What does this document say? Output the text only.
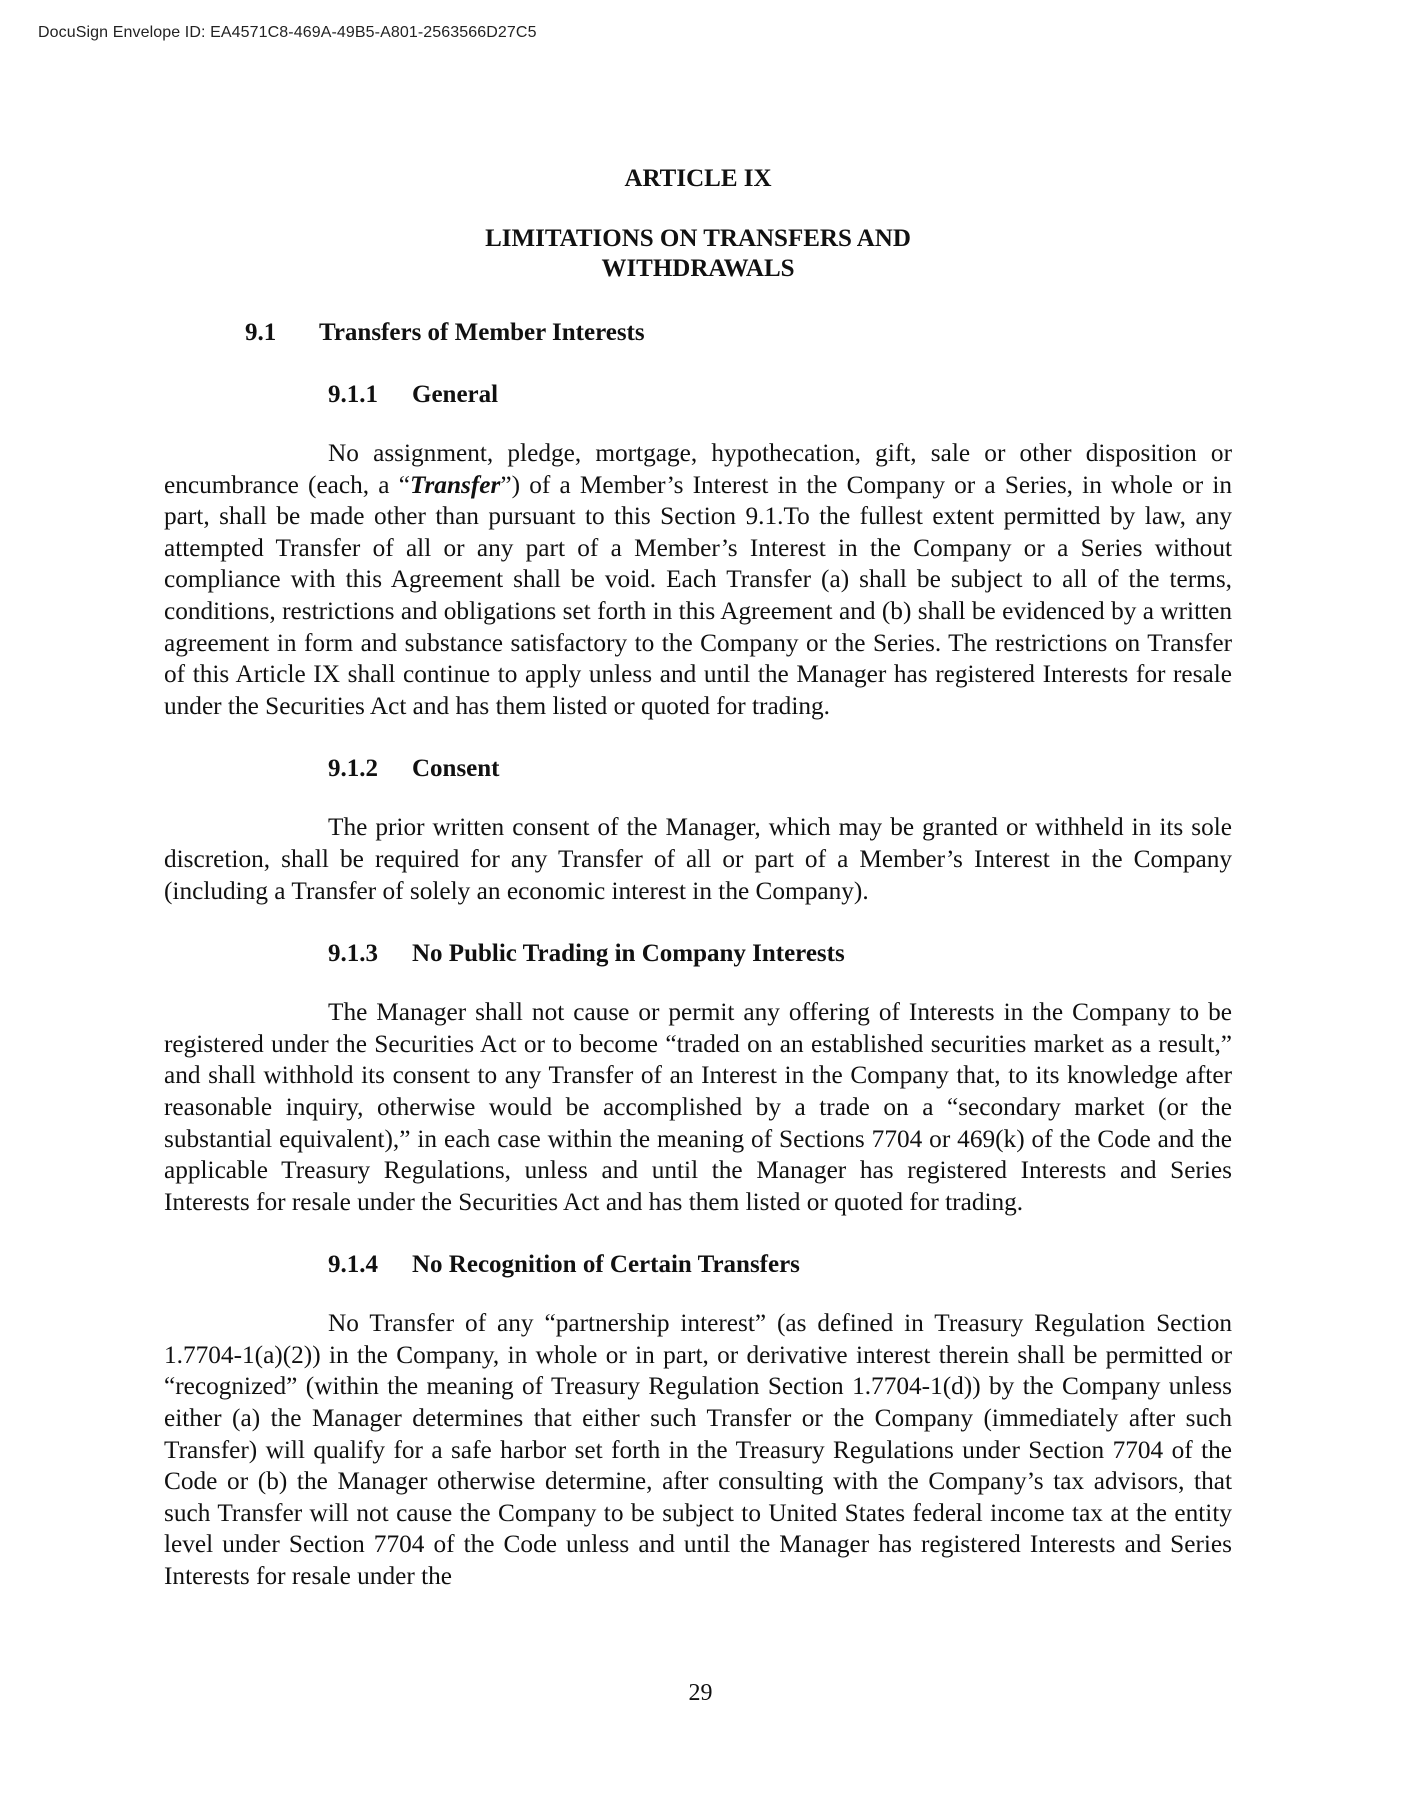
DocuSign Envelope ID: EA4571C8-469A-49B5-A801-2563566D27C5
ARTICLE IX
LIMITATIONS ON TRANSFERS AND
WITHDRAWALS
9.1 Transfers of Member Interests
9.1.1 General

No assignment, pledge, mortgage, hypothecation, gift, sale or other disposition or encumbrance (each, a “Transfer”) of a Member’s Interest in the Company or a Series, in whole or in part, shall be made other than pursuant to this Section 9.1.To the fullest extent permitted by law, any attempted Transfer of all or any part of a Member’s Interest in the Company or a Series without compliance with this Agreement shall be void. Each Transfer (a) shall be subject to all of the terms, conditions, restrictions and obligations set forth in this Agreement and (b) shall be evidenced by a written agreement in form and substance satisfactory to the Company or the Series. The restrictions on Transfer of this Article IX shall continue to apply unless and until the Manager has registered Interests for resale under the Securities Act and has them listed or quoted for trading.

9.1.2 Consent

The prior written consent of the Manager, which may be granted or withheld in its sole discretion, shall be required for any Transfer of all or part of a Member’s Interest in the Company (including a Transfer of solely an economic interest in the Company).

9.1.3 No Public Trading in Company Interests

The Manager shall not cause or permit any offering of Interests in the Company to be registered under the Securities Act or to become “traded on an established securities market as a result,” and shall withhold its consent to any Transfer of an Interest in the Company that, to its knowledge after reasonable inquiry, otherwise would be accomplished by a trade on a “secondary market (or the substantial equivalent),” in each case within the meaning of Sections 7704 or 469(k) of the Code and the applicable Treasury Regulations, unless and until the Manager has registered Interests and Series Interests for resale under the Securities Act and has them listed or quoted for trading.

9.1.4 No Recognition of Certain Transfers

No Transfer of any “partnership interest” (as defined in Treasury Regulation Section 1.7704-1(a)(2)) in the Company, in whole or in part, or derivative interest therein shall be permitted or “recognized” (within the meaning of Treasury Regulation Section 1.7704-1(d)) by the Company unless either (a) the Manager determines that either such Transfer or the Company (immediately after such Transfer) will qualify for a safe harbor set forth in the Treasury Regulations under Section 7704 of the Code or (b) the Manager otherwise determine, after consulting with the Company’s tax advisors, that such Transfer will not cause the Company to be subject to United States federal income tax at the entity level under Section 7704 of the Code unless and until the Manager has registered Interests and Series Interests for resale under the

29
